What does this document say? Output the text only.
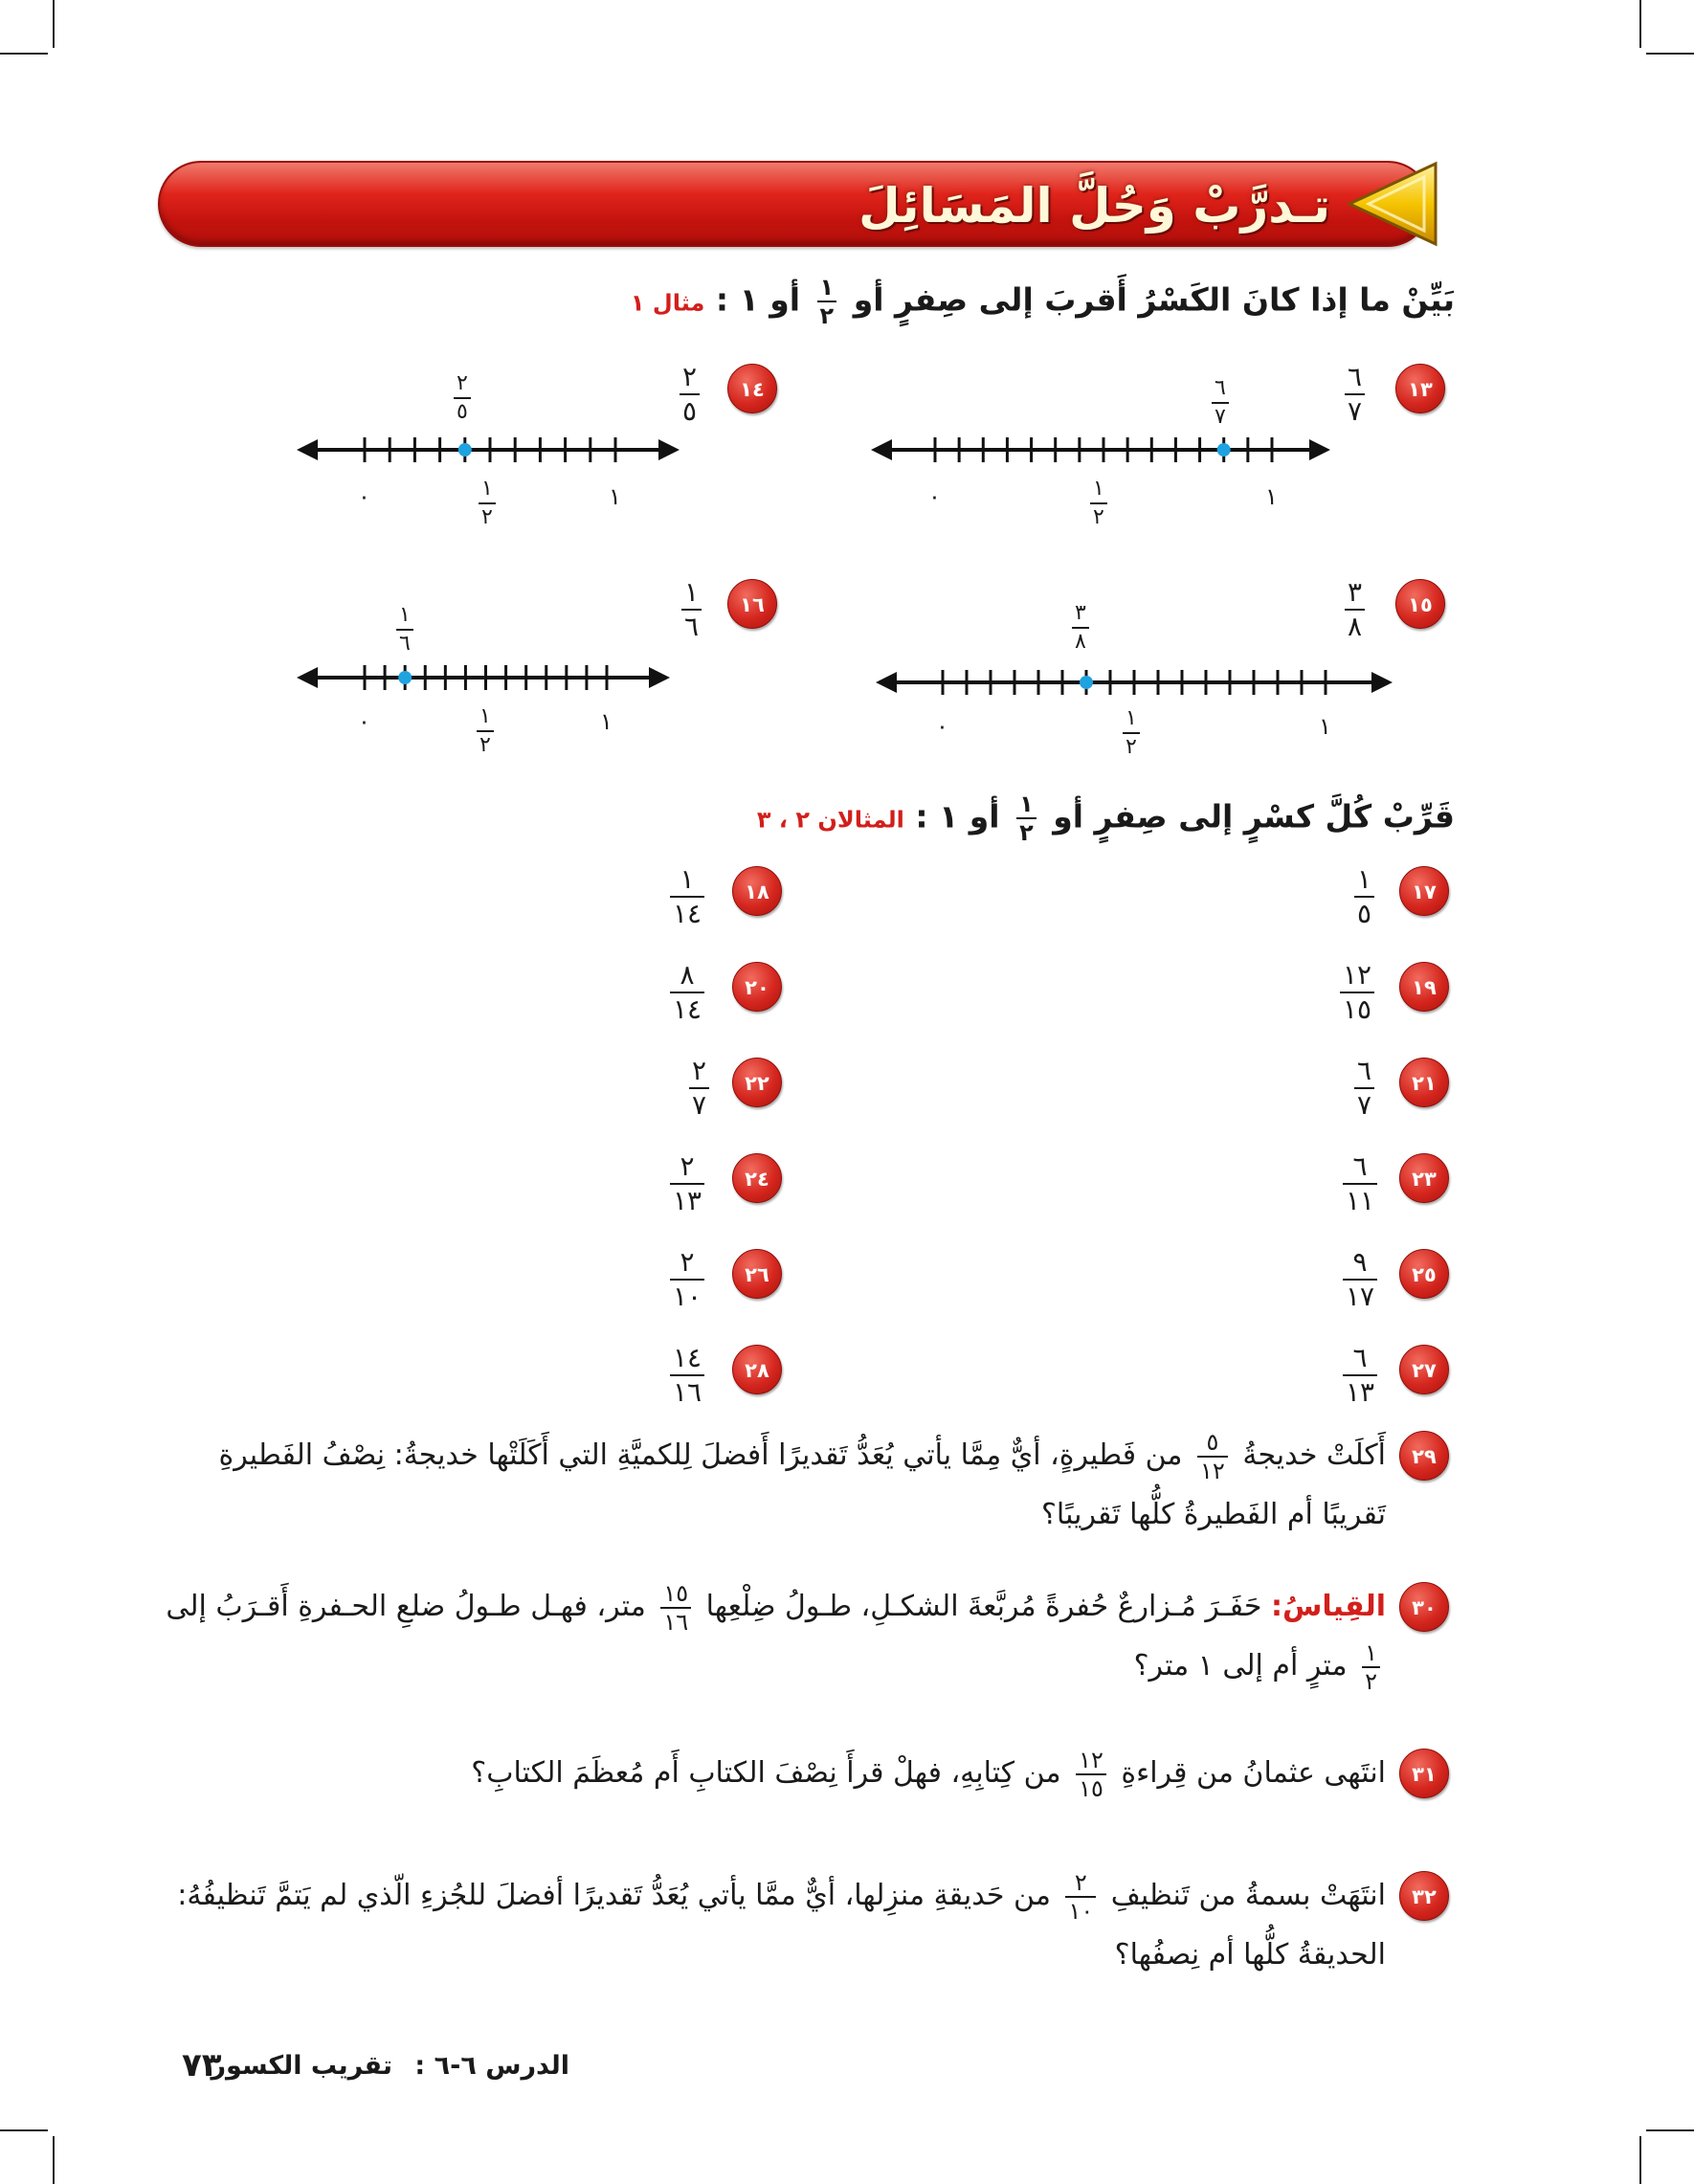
تـدرَّبْ وَحُلَّ المَسَائِلَ
بَيِّنْ ما إذا كانَ الكَسْرُ أَقربَ إلى صِفرٍ أو
$\frac{١}{٢}$
أو ١ : مثال ١
١٣
٦
٧
٦
٧
٠	١
٢
١
١٤
٢
٥
٢
٥
٠	١
٢
١
١٥
٣
٨
٣
٨
٠	١
٢
١
١٦
١
٦
١
٦
٠	١
٢
١
قَرِّبْ كُلَّ كسْرٍ إلى صِفرٍ أو
$\frac{١}{٢}$
أو ١ : المثالان ٢ ، ٣
١٧
١
٥
١٩
١٢
١٥
٢١
٦
٧
٢٣
٦
١١
٢٥
٩
١٧
٢٧
٦
١٣
١٨
١
١٤
٢٠
٨
١٤
٢٢
٢
٧
٢٤
٢
١٣
٢٦
٢
١٠
٢٨
١٤
١٦
٢٩
أَكلَتْ خديجةُ
$\frac{٥}{١٢}$
من فَطيرةٍ، أيٌّ مِمَّا يأتي يُعَدُّ تَقديرًا أَفضلَ لِلكميَّةِ التي أَكَلَتْها خديجةُ: نِصْفُ الفَطيرةِ
تَقريبًا أم الفَطيرةُ كلُّها تَقريبًا؟
٣٠
القِياسُ: حَفَـرَ مُـزارعٌ حُفرةً مُربَّعةَ الشكـلِ، طـولُ ضِلْعِها
$\frac{١٥}{١٦}$
متر، فهـل طـولُ ضلعِ الحـفرةِ أَقـرَبُ إلى

$\frac{١}{٢}$
مترٍ أم إلى ١ متر؟
٣١
انتَهى عثمانُ من قِراءةِ
$\frac{١٢}{١٥}$
من كِتابِهِ، فهلْ قرأَ نِصْفَ الكتابِ أَم مُعظَمَ الكتابِ؟
٣٢
انتَهَتْ بسمةُ من تَنظيفِ
$\frac{٢}{١٠}$
من حَديقةِ منزِلها، أيٌّ ممَّا يأتي يُعَدُّ تَقديرًا أفضلَ للجُزءِ الّذي لم يَتمَّ تَنظيفُهُ:
الحديقةُ كلُّها أم نِصفُها؟
٧٣	الدرس ٦-٦ : تقريب الكسور
